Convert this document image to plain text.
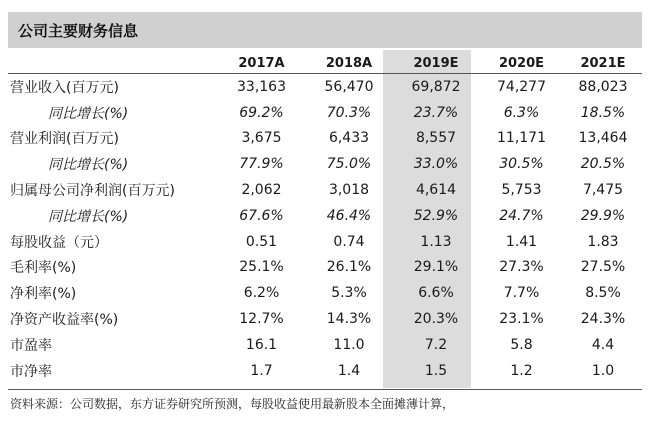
公司主要财务信息
2017A	2018A	2019E	2020E	2021E
营业收入(百万元)	33,163	56,470	69,872	74,277	88,023
同比增长(%)	69.2%	70.3%	23.7%	6.3%	18.5%
营业利润(百万元)	3,675	6,433	8,557	11,171	13,464
同比增长(%)	77.9%	75.0%	33.0%	30.5%	20.5%
归属母公司净利润(百万元)	2,062	3,018	4,614	5,753	7,475
同比增长(%)	67.6%	46.4%	52.9%	24.7%	29.9%
每股收益（元）	0.51	0.74	1.13	1.41	1.83
毛利率(%)	25.1%	26.1%	29.1%	27.3%	27.5%
净利率(%)	6.2%	5.3%	6.6%	7.7%	8.5%
净资产收益率(%)	12.7%	14.3%	20.3%	23.1%	24.3%
市盈率	16.1	11.0	7.2	5.8	4.4
市净率	1.7	1.4	1.5	1.2	1.0
资料来源：公司数据，东方证券研究所预测，每股收益使用最新股本全面摊薄计算，
